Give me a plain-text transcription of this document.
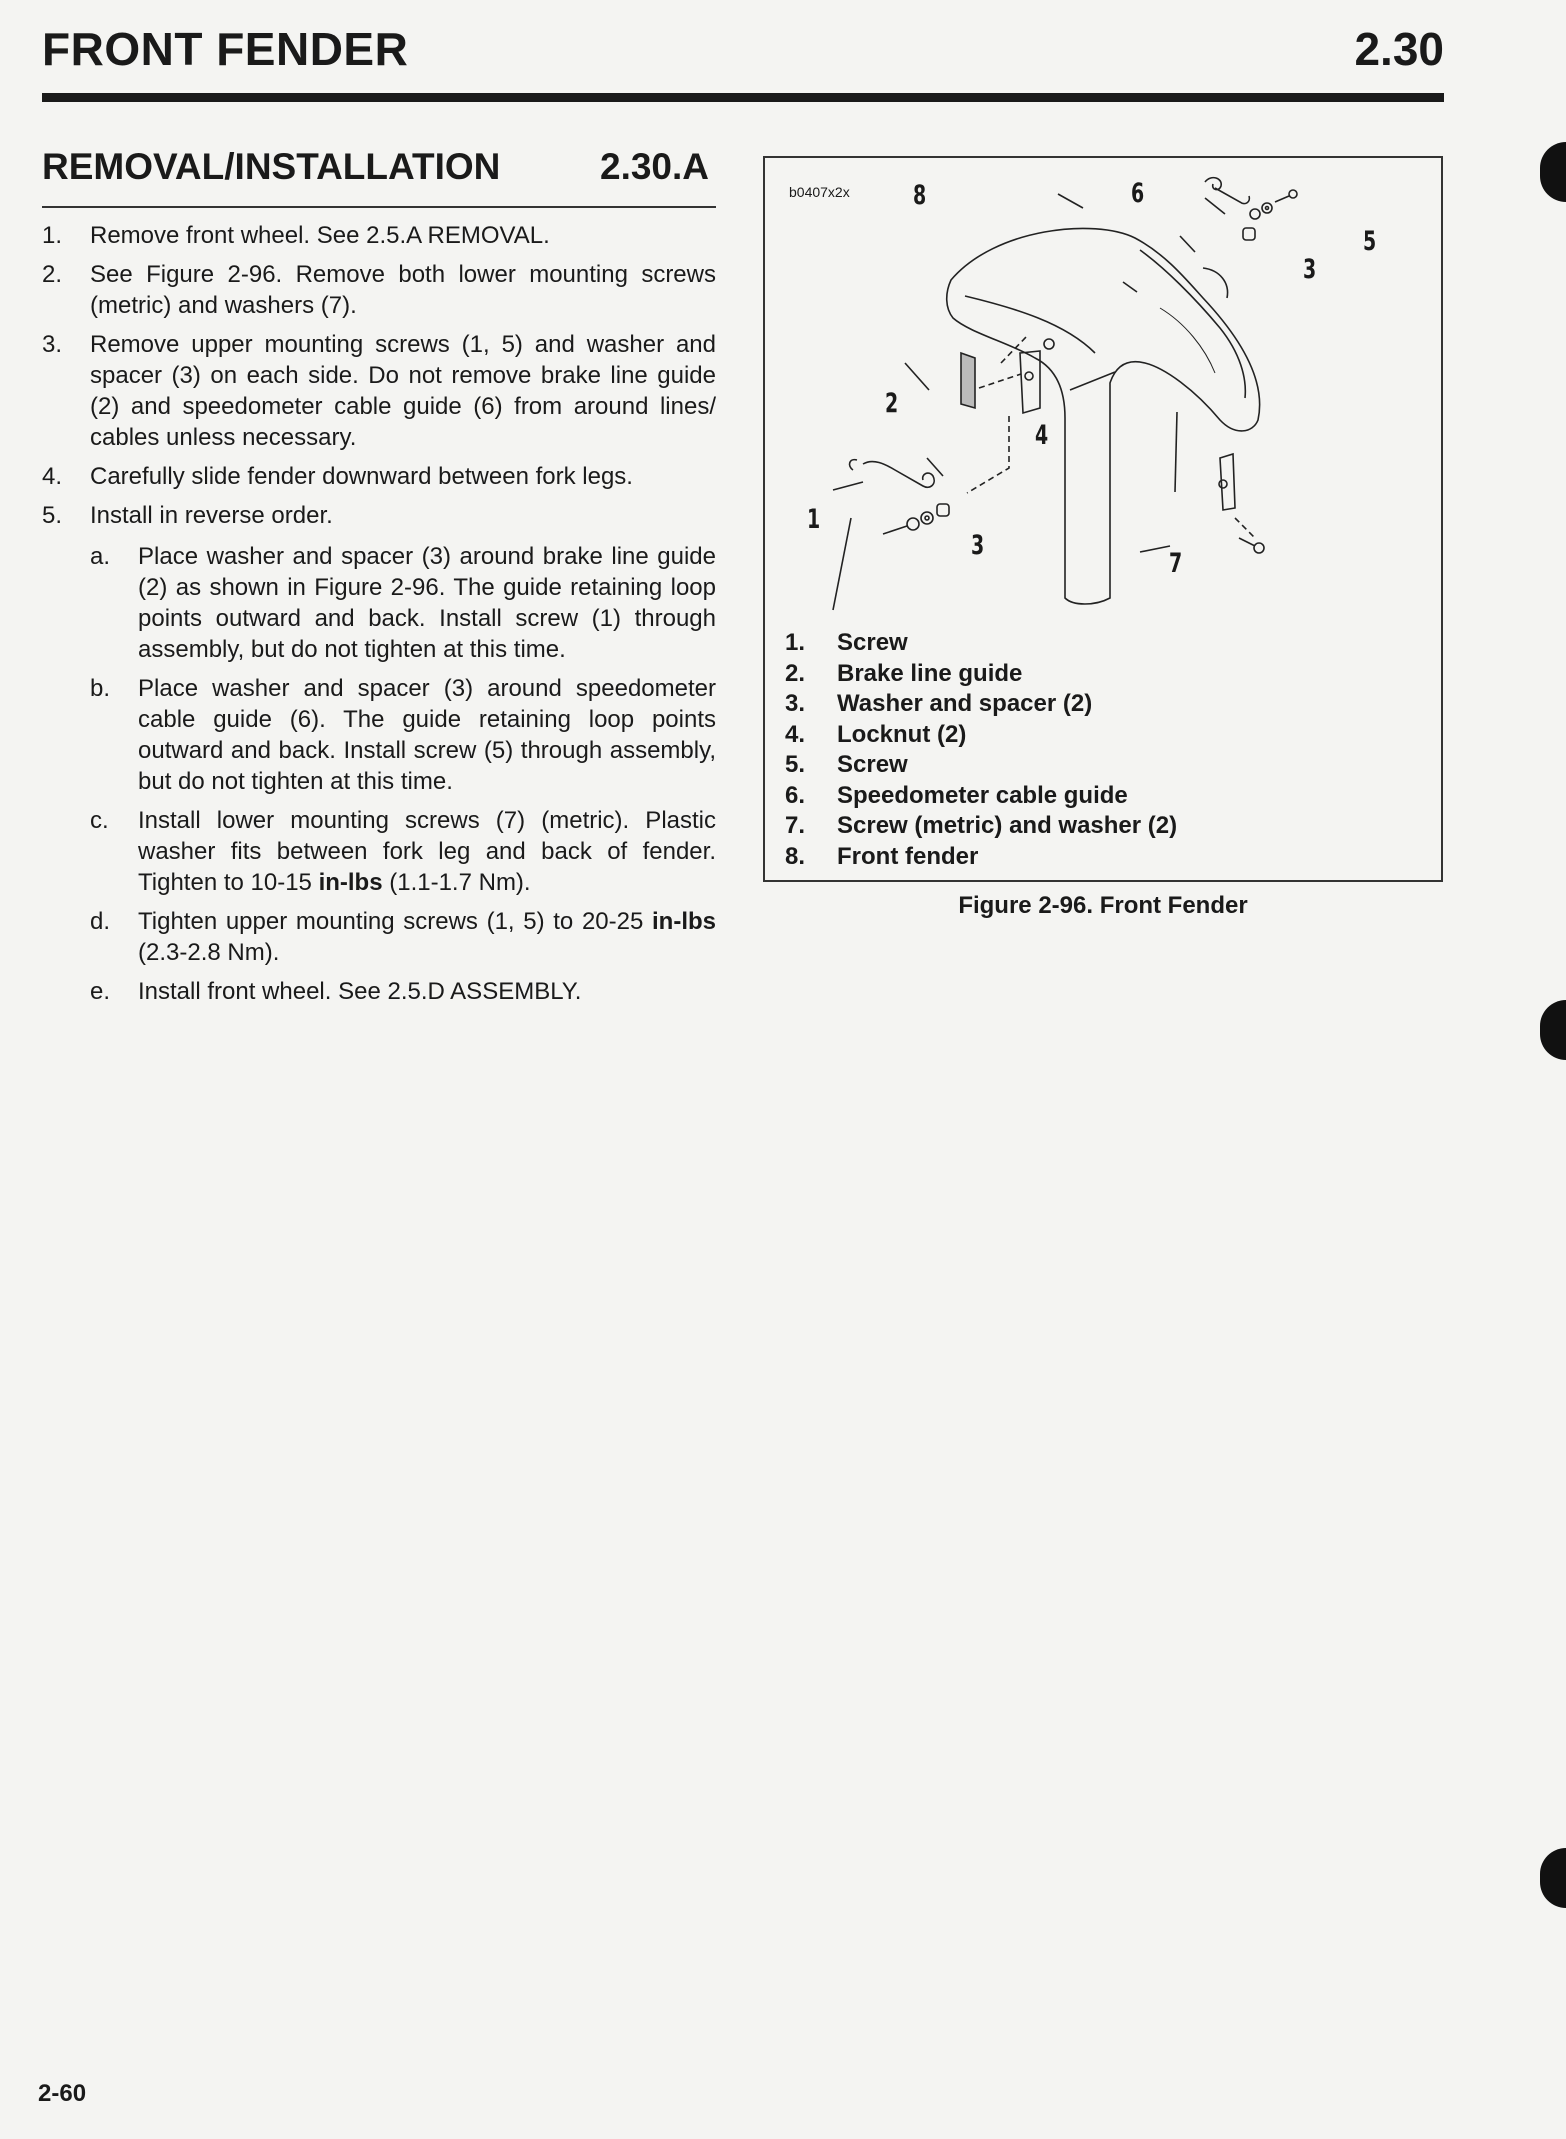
FRONT FENDER	2.30
REMOVAL/INSTALLATION	2.30.A
1. Remove front wheel. See 2.5.A REMOVAL.
2. See Figure 2-96. Remove both lower mounting screws (metric) and washers (7).
3. Remove upper mounting screws (1, 5) and washer and spacer (3) on each side. Do not remove brake line guide (2) and speedometer cable guide (6) from around lines/ cables unless necessary.
4. Carefully slide fender downward between fork legs.
5. Install in reverse order.
a. Place washer and spacer (3) around brake line guide (2) as shown in Figure 2-96. The guide retaining loop points outward and back. Install screw (1) through assembly, but do not tighten at this time.
b. Place washer and spacer (3) around speedometer cable guide (6). The guide retaining loop points outward and back. Install screw (5) through assembly, but do not tighten at this time.
c. Install lower mounting screws (7) (metric). Plastic washer fits between fork leg and back of fender. Tighten to 10-15 in-lbs (1.1-1.7 Nm).
d. Tighten upper mounting screws (1, 5) to 20-25 in-lbs (2.3-2.8 Nm).
e. Install front wheel. See 2.5.D ASSEMBLY.
b0407x2x 8	6
5
3
2
4
1
3
7
1. Screw
2. Brake line guide
3. Washer and spacer (2)
4. Locknut (2)
5. Screw
6. Speedometer cable guide
7. Screw (metric) and washer (2)
8. Front fender
Figure 2-96. Front Fender
2-60
